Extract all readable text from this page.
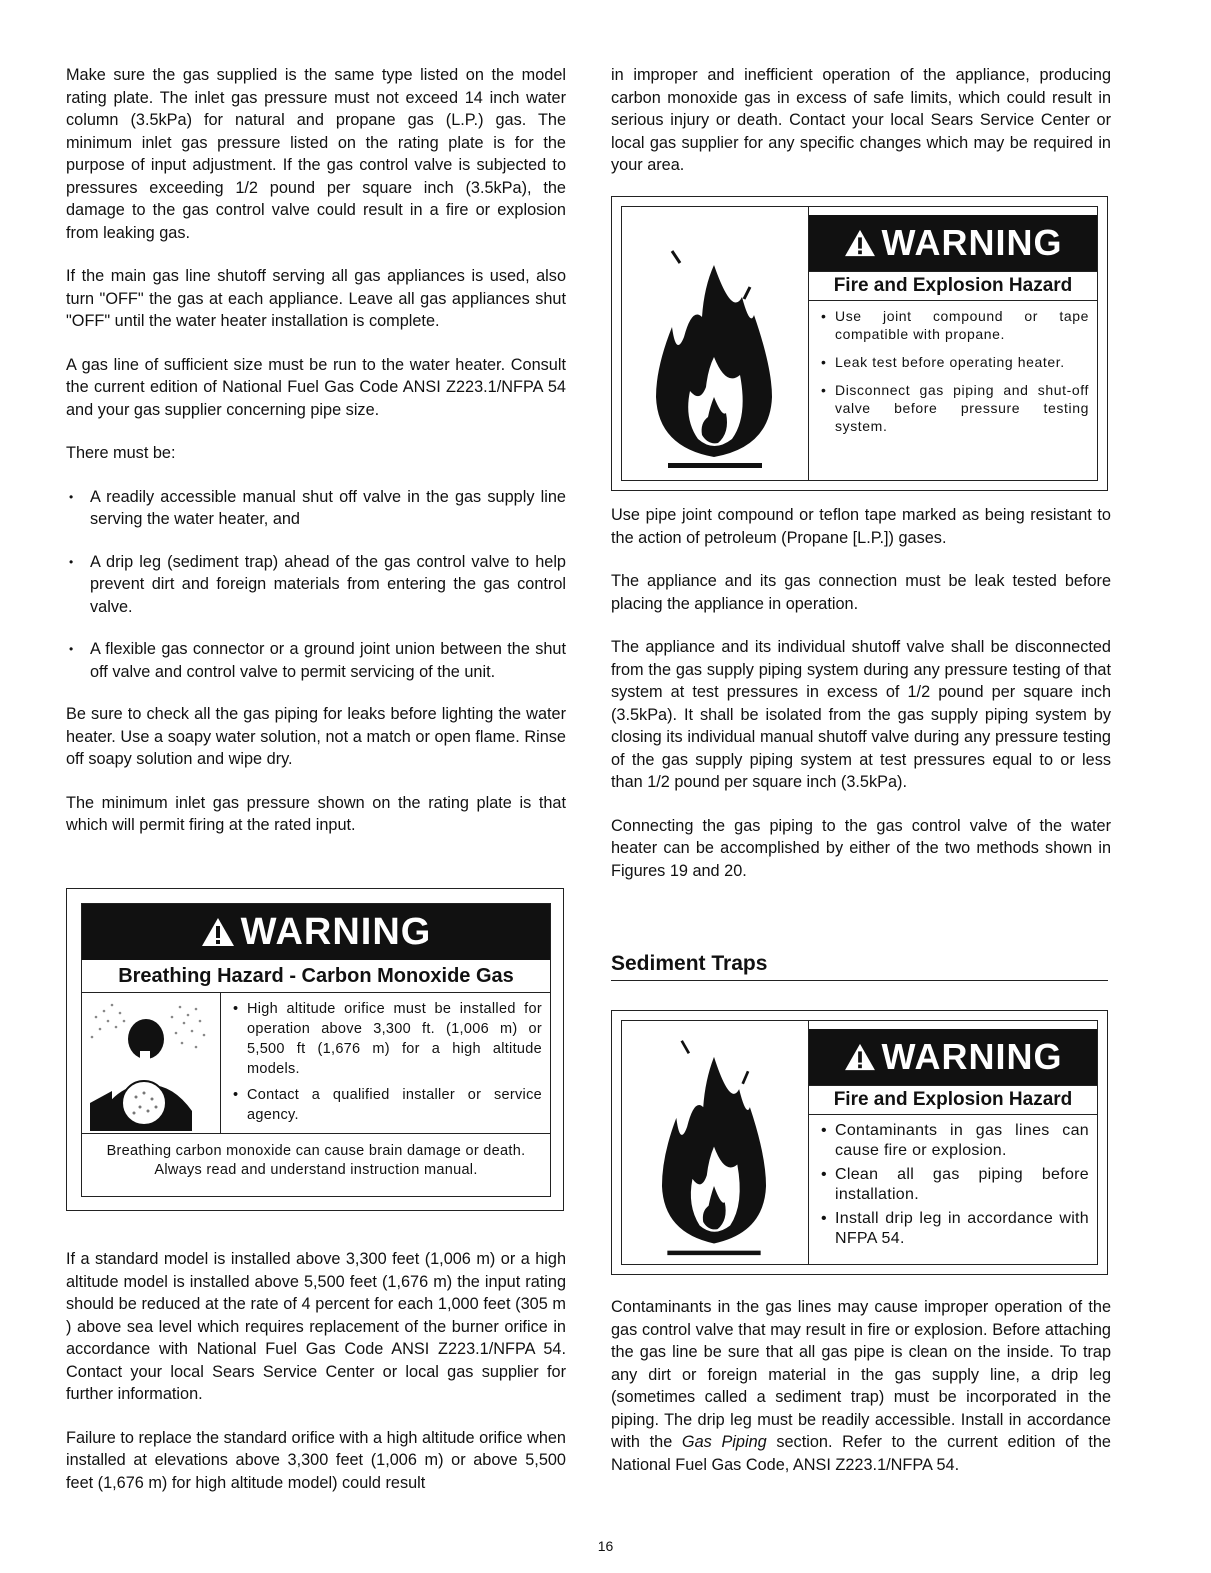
Make sure the gas supplied is the same type listed on the model rating plate. The inlet gas pressure must not exceed 14 inch water column (3.5kPa) for natural and propane gas (L.P.) gas. The minimum inlet gas pressure listed on the rating plate is for the purpose of input adjustment. If the gas control valve is subjected to pressures exceeding 1/2 pound per square inch (3.5kPa), the damage to the gas control valve could result in a fire or explosion from leaking gas.

If the main gas line shutoff serving all gas appliances is used, also turn "OFF" the gas at each appliance. Leave all gas appliances shut "OFF" until the water heater installation is complete.

A gas line of sufficient size must be run to the water heater. Consult the current edition of National Fuel Gas Code ANSI Z223.1/NFPA 54 and your gas supplier concerning pipe size.

There must be:

• A readily accessible manual shut off valve in the gas supply line serving the water heater, and
• A drip leg (sediment trap) ahead of the gas control valve to help prevent dirt and foreign materials from entering the gas control valve.
• A flexible gas connector or a ground joint union between the shut off valve and control valve to permit servicing of the unit.

Be sure to check all the gas piping for leaks before lighting the water heater. Use a soapy water solution, not a match or open flame. Rinse off soapy solution and wipe dry.

The minimum inlet gas pressure shown on the rating plate is that which will permit firing at the rated input.

WARNING
Breathing Hazard - Carbon Monoxide Gas
• High altitude orifice must be installed for operation above 3,300 ft. (1,006 m) or 5,500 ft (1,676 m) for a high altitude models.
• Contact a qualified installer or service agency.
Breathing carbon monoxide can cause brain damage or death. Always read and understand instruction manual.

If a standard model is installed above 3,300 feet (1,006 m) or a high altitude model is installed above 5,500 feet (1,676 m) the input rating should be reduced at the rate of 4 percent for each 1,000 feet (305 m ) above sea level which requires replacement of the burner orifice in accordance with National Fuel Gas Code ANSI Z223.1/NFPA 54. Contact your local Sears Service Center or local gas supplier for further information.

Failure to replace the standard orifice with a high altitude orifice when installed at elevations above 3,300 feet (1,006 m) or above 5,500 feet (1,676 m) for high altitude model) could result

in improper and inefficient operation of the appliance, producing carbon monoxide gas in excess of safe limits, which could result in serious injury or death. Contact your local Sears Service Center or local gas supplier for any specific changes which may be required in your area.

WARNING
Fire and Explosion Hazard
• Use joint compound or tape compatible with propane.
• Leak test before operating heater.
• Disconnect gas piping and shut-off valve before pressure testing system.

Use pipe joint compound or teflon tape marked as being resistant to the action of petroleum (Propane [L.P.]) gases.

The appliance and its gas connection must be leak tested before placing the appliance in operation.

The appliance and its individual shutoff valve shall be disconnected from the gas supply piping system during any pressure testing of that system at test pressures in excess of 1/2 pound per square inch (3.5kPa). It shall be isolated from the gas supply piping system by closing its individual manual shutoff valve during any pressure testing of the gas supply piping system at test pressures equal to or less than 1/2 pound per square inch (3.5kPa).

Connecting the gas piping to the gas control valve of the water heater can be accomplished by either of the two methods shown in Figures 19 and 20.

Sediment Traps
WARNING
Fire and Explosion Hazard
• Contaminants in gas lines can cause fire or explosion.
• Clean all gas piping before installation.
• Install drip leg in accordance with NFPA 54.

Contaminants in the gas lines may cause improper operation of the gas control valve that may result in fire or explosion. Before attaching the gas line be sure that all gas pipe is clean on the inside. To trap any dirt or foreign material in the gas supply line, a drip leg (sometimes called a sediment trap) must be incorporated in the piping. The drip leg must be readily accessible. Install in accordance with the Gas Piping section. Refer to the current edition of the National Fuel Gas Code, ANSI Z223.1/NFPA 54.

16
